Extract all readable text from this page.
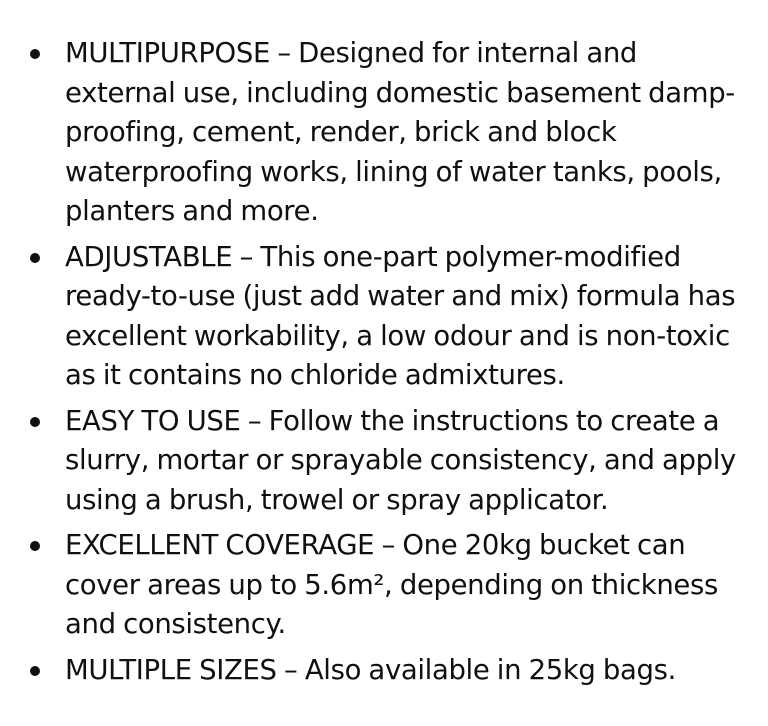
MULTIPURPOSE – Designed for internal and external use, including domestic basement damp-proofing, cement, render, brick and block waterproofing works, lining of water tanks, pools, planters and more.
ADJUSTABLE – This one-part polymer-modified ready-to-use (just add water and mix) formula has excellent workability, a low odour and is non-toxic as it contains no chloride admixtures.
EASY TO USE – Follow the instructions to create a slurry, mortar or sprayable consistency, and apply using a brush, trowel or spray applicator.
EXCELLENT COVERAGE – One 20kg bucket can cover areas up to 5.6m², depending on thickness and consistency.
MULTIPLE SIZES – Also available in 25kg bags.
